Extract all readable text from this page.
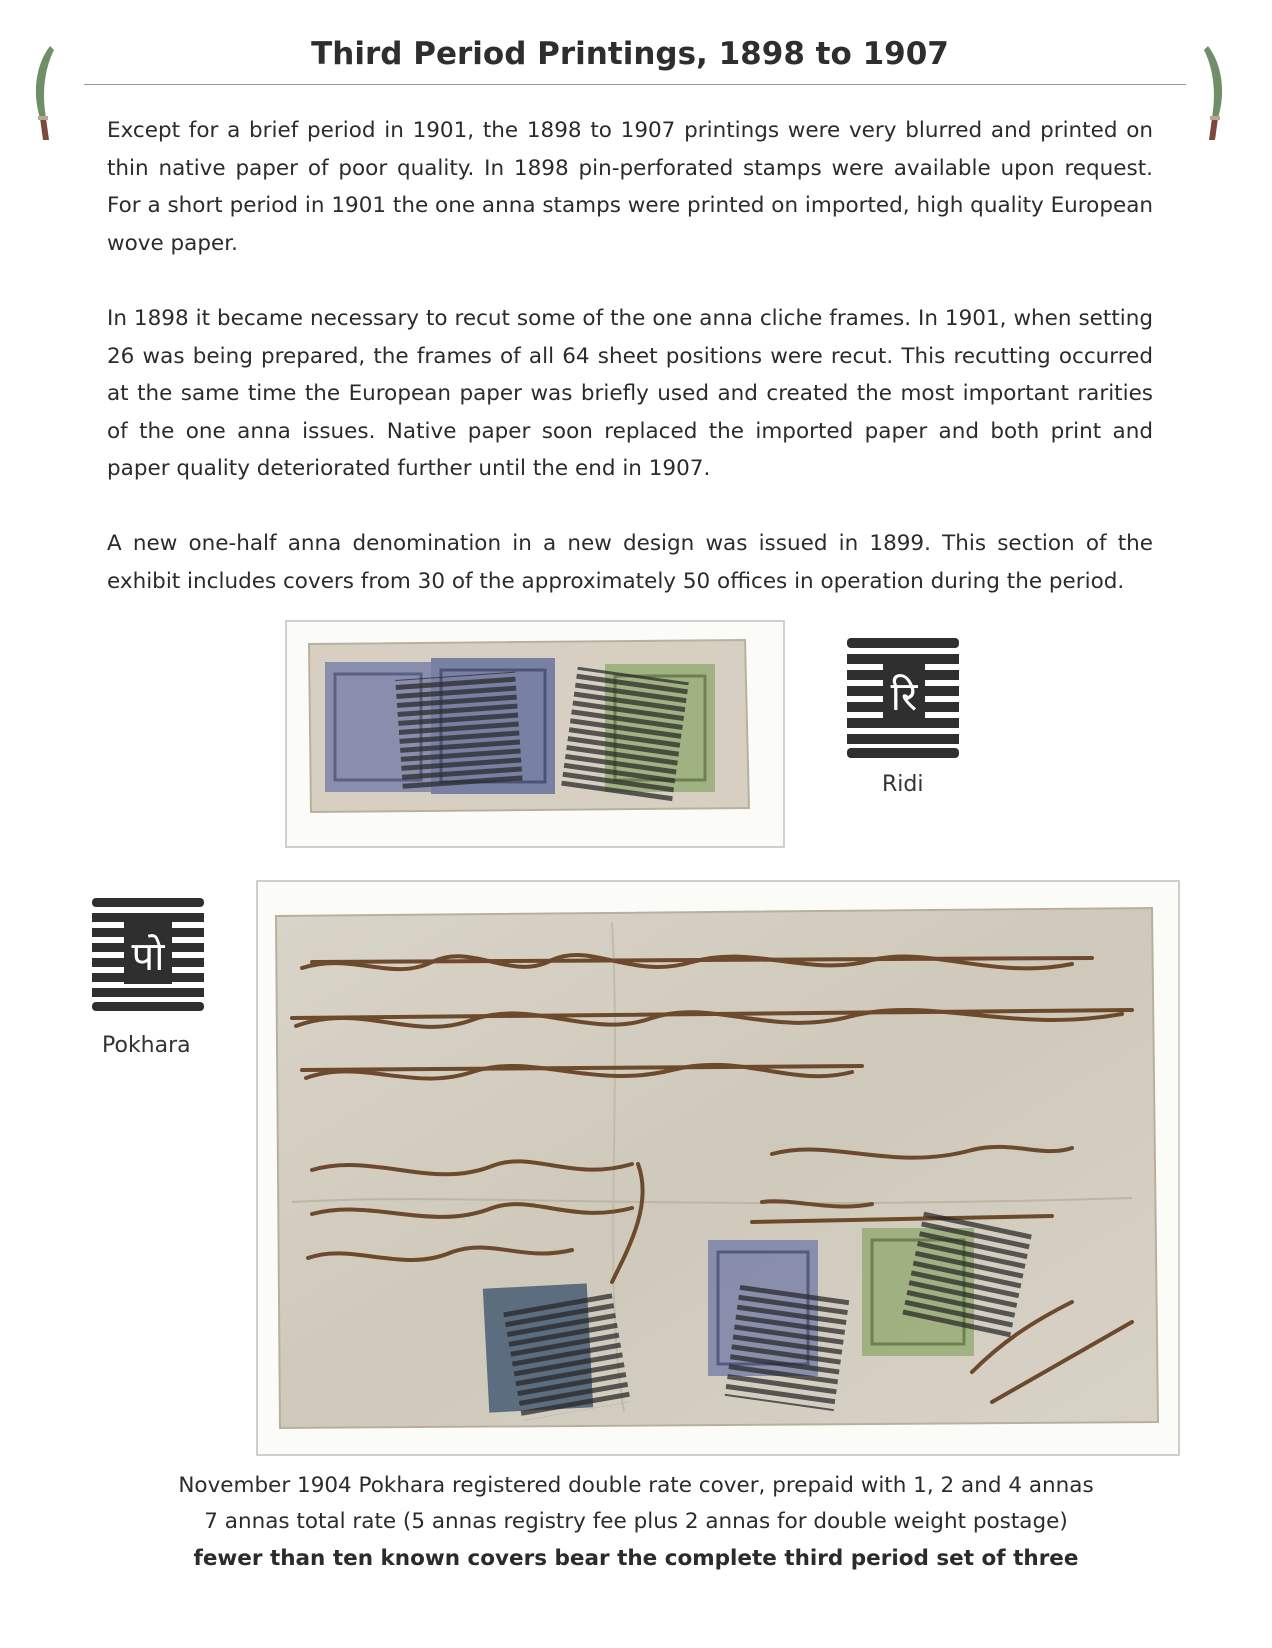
Third Period Printings, 1898 to 1907

Except for a brief period in 1901, the 1898 to 1907 printings were very blurred and printed on thin native paper of poor quality. In 1898 pin-perforated stamps were available upon request. For a short period in 1901 the one anna stamps were printed on imported, high quality European wove paper.

In 1898 it became necessary to recut some of the one anna cliche frames. In 1901, when setting 26 was being prepared, the frames of all 64 sheet positions were recut. This recutting occurred at the same time the European paper was briefly used and created the most important rarities of the one anna issues. Native paper soon replaced the imported paper and both print and paper quality deteriorated further until the end in 1907.

A new one-half anna denomination in a new design was issued in 1899. This section of the exhibit includes covers from 30 of the approximately 50 offices in operation during the period.

रि
Ridi
पो
Pokhara

November 1904 Pokhara registered double rate cover, prepaid with 1, 2 and 4 annas

7 annas total rate (5 annas registry fee plus 2 annas for double weight postage)

fewer than ten known covers bear the complete third period set of three
